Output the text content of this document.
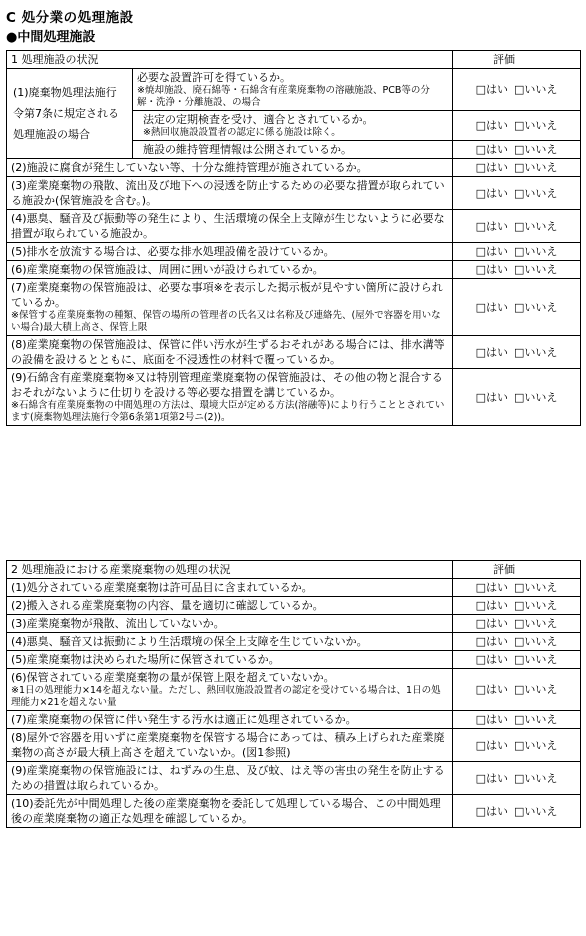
C 処分業の処理施設
●中間処理施設
1 処理施設の状況		評価
(1)廃棄物処理法施行令第7条に規定される処理施設の場合	必要な設置許可を得ているか。
※焼却施設、廃石綿等・石綿含有産業廃棄物の溶融施設、PCB等の分解・洗浄・分離施設、の場合	□はい □いいえ

	法定の定期検査を受け、適合とされているか。
※熱回収施設設置者の認定に係る施設は除く。	□はい □いいえ

	施設の維持管理情報は公開されているか。	□はい □いいえ

(2)施設に腐食が発生していない等、十分な維持管理が施されているか。		□はい □いいえ

(3)産業廃棄物の飛散、流出及び地下への浸透を防止するための必要な措置が取られている施設か(保管施設を含む。)。		□はい □いいえ

(4)悪臭、騒音及び振動等の発生により、生活環境の保全上支障が生じないように必要な措置が取られている施設か。		□はい □いいえ

(5)排水を放流する場合は、必要な排水処理設備を設けているか。		□はい □いいえ

(6)産業廃棄物の保管施設は、周囲に囲いが設けられているか。		□はい □いいえ

(7)産業廃棄物の保管施設は、必要な事項※を表示した掲示板が見やすい箇所に設けられているか。
※保管する産業廃棄物の種類、保管の場所の管理者の氏名又は名称及び連絡先、(屋外で容器を用いない場合)最大積上高さ、保管上限		□はい □いいえ

(8)産業廃棄物の保管施設は、保管に伴い汚水が生ずるおそれがある場合には、排水溝等の設備を設けるとともに、底面を不浸透性の材料で覆っているか。		□はい □いいえ

(9)石綿含有産業廃棄物※又は特別管理産業廃棄物の保管施設は、その他の物と混合するおそれがないように仕切りを設ける等必要な措置を講じているか。
※石綿含有産業廃棄物の中間処理の方法は、環境大臣が定める方法(溶融等)により行うこととされています(廃棄物処理法施行令第6条第1項第2号ニ(2))。		□はい □いいえ
2 処理施設における産業廃棄物の処理の状況	評価

(1)処分されている産業廃棄物は許可品目に含まれているか。	□はい □いいえ

(2)搬入される産業廃棄物の内容、量を適切に確認しているか。	□はい □いいえ

(3)産業廃棄物が飛散、流出していないか。	□はい □いいえ

(4)悪臭、騒音又は振動により生活環境の保全上支障を生じていないか。	□はい □いいえ

(5)産業廃棄物は決められた場所に保管されているか。	□はい □いいえ

(6)保管されている産業廃棄物の量が保管上限を超えていないか。
※1日の処理能力×14を超えない量。ただし、熱回収施設設置者の認定を受けている場合は、1日の処理能力×21を超えない量	□はい □いいえ

(7)産業廃棄物の保管に伴い発生する汚水は適正に処理されているか。	□はい □いいえ

(8)屋外で容器を用いずに産業廃棄物を保管する場合にあっては、積み上げられた産業廃棄物の高さが最大積上高さを超えていないか。(図1参照)	□はい □いいえ

(9)産業廃棄物の保管施設には、ねずみの生息、及び蚊、はえ等の害虫の発生を防止するための措置は取られているか。	□はい □いいえ

(10)委託先が中間処理した後の産業廃棄物を委託して処理している場合、この中間処理後の産業廃棄物の適正な処理を確認しているか。	□はい □いいえ
